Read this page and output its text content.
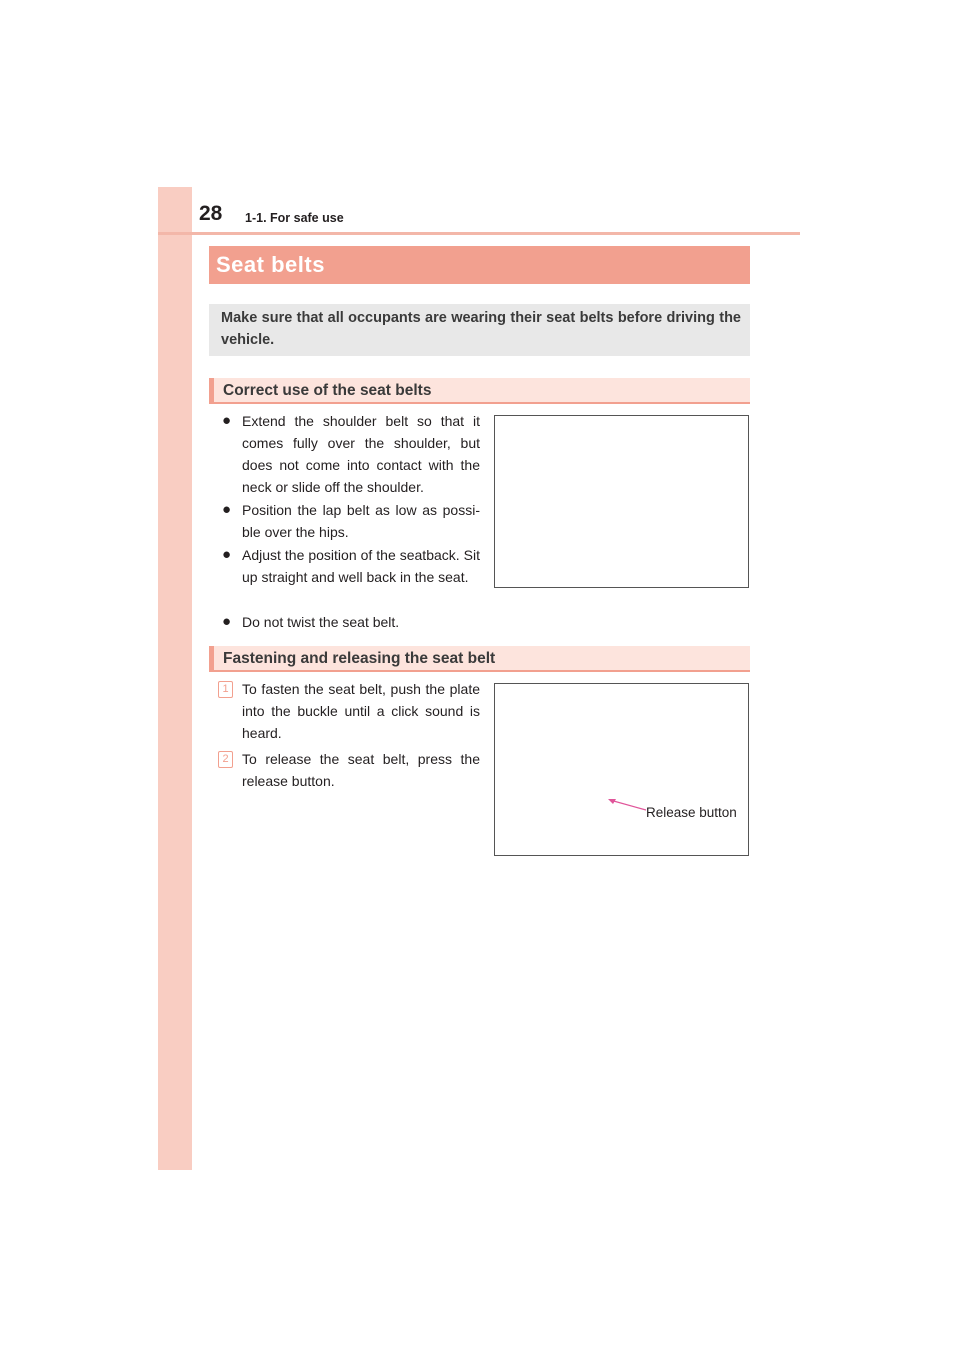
28 1-1. For safe use
Seat belts

Make sure that all occupants are wearing their seat belts before driving the vehicle.

Correct use of the seat belts
● Extend the shoulder belt so that it comes fully over the shoulder, but does not come into contact with the neck or slide off the shoulder.
● Position the lap belt as low as possi-ble over the hips.
● Adjust the position of the seatback. Sit up straight and well back in the seat.
● Do not twist the seat belt.
Fastening and releasing the seat belt
1 To fasten the seat belt, push the plate into the buckle until a click sound is heard.
2 To release the seat belt, press the release button.
Release button
